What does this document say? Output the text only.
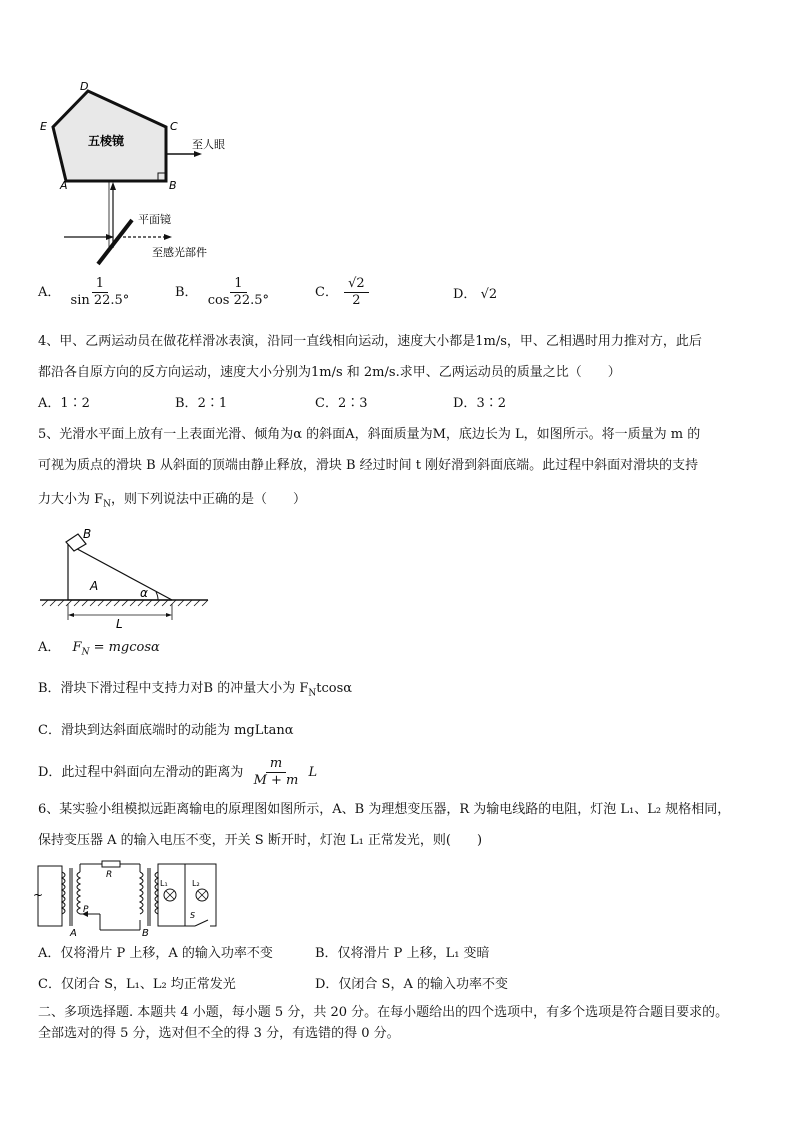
D
E	C
A	B
五棱镜	至人眼
平面镜
至感光部件
A． $\frac{1}{\sin 22.5^\circ}$	B． $\frac{1}{\cos 22.5^\circ}$	C． $\frac{√2}{2}$	D． √2
4、甲、乙两运动员在做花样滑冰表演，沿同一直线相向运动，速度大小都是1m/s，甲、乙相遇时用力推对方，此后
都沿各自原方向的反方向运动，速度大小分别为1m/s 和 2m/s.求甲、乙两运动员的质量之比（　　）
A．1∶2	B．2∶1	C．2∶3	D．3∶2
5、光滑水平面上放有一上表面光滑、倾角为α 的斜面A，斜面质量为M，底边长为 L，如图所示。将一质量为 m 的
可视为质点的滑块 B 从斜面的顶端由静止释放，滑块 B 经过时间 t 刚好滑到斜面底端。此过程中斜面对滑块的支持
力大小为 $F_N$，则下列说法中正确的是（　　）
B
A	α
L
A． $F_N = mgcos\alpha$
B．滑块下滑过程中支持力对B 的冲量大小为 $F_Ntcos\alpha$
C．滑块到达斜面底端时的动能为 mgLtanα
D．此过程中斜面向左滑动的距离为 $\frac{m}{M + m}$ L
6、某实验小组模拟远距离输电的原理图如图所示，A、B 为理想变压器，R 为输电线路的电阻，灯泡 L₁、L₂ 规格相同，
保持变压器 A 的输入电压不变，开关 S 断开时，灯泡 L₁ 正常发光，则(　　)
~
A
R
P
B
L₁	L₂
S
A．仅将滑片 P 上移，A 的输入功率不变	B．仅将滑片 P 上移，L₁ 变暗
C．仅闭合 S，L₁、L₂ 均正常发光	D．仅闭合 S，A 的输入功率不变
二、多项选择题. 本题共 4 小题，每小题 5 分，共 20 分。在每小题给出的四个选项中，有多个选项是符合题目要求的。
全部选对的得 5 分，选对但不全的得 3 分，有选错的得 0 分。
